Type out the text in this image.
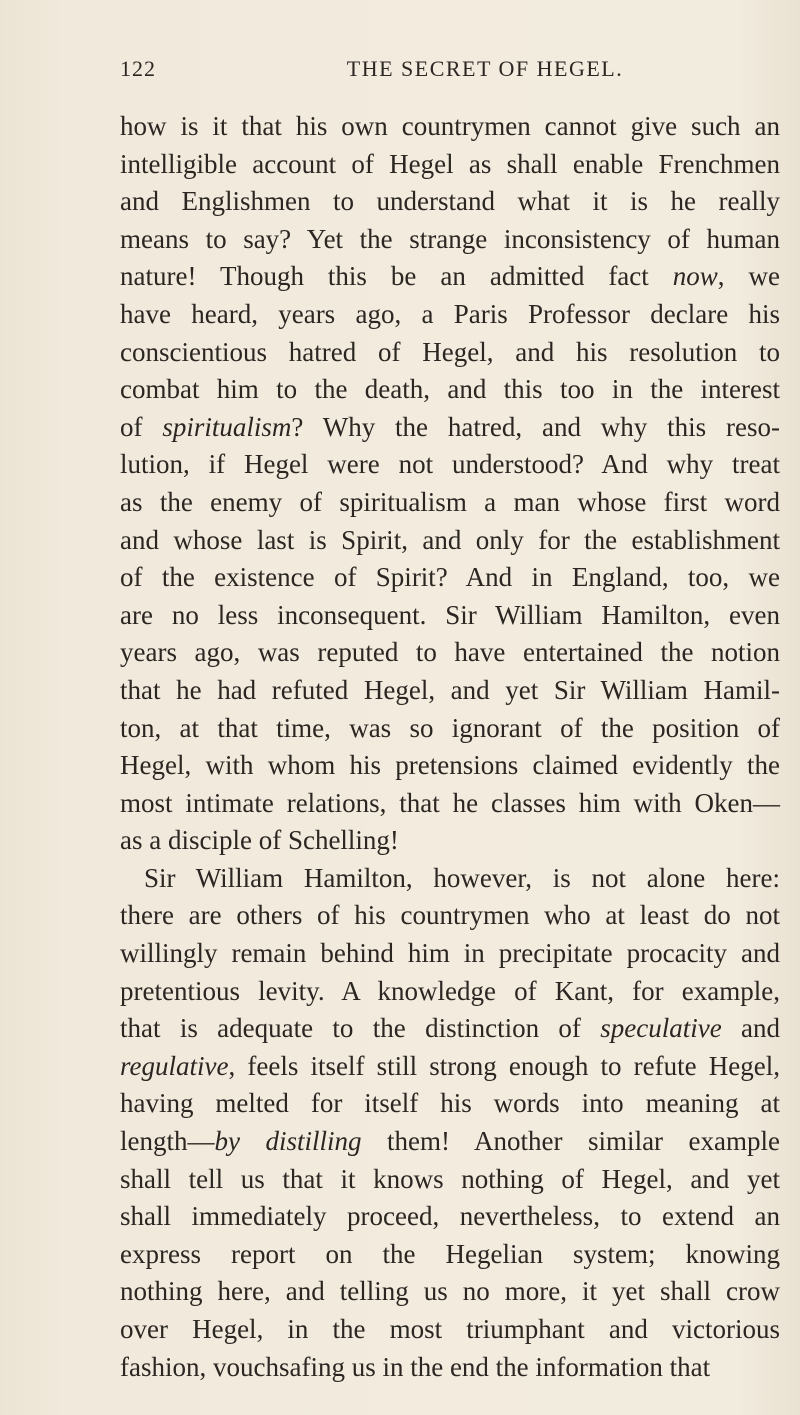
122	THE SECRET OF HEGEL.
how is it that his own countrymen cannot give such an
intelligible account of Hegel as shall enable Frenchmen
and Englishmen to understand what it is he really
means to say? Yet the strange inconsistency of human
nature! Though this be an admitted fact now, we
have heard, years ago, a Paris Professor declare his
conscientious hatred of Hegel, and his resolution to
combat him to the death, and this too in the interest
of spiritualism? Why the hatred, and why this reso-
lution, if Hegel were not understood? And why treat
as the enemy of spiritualism a man whose first word
and whose last is Spirit, and only for the establishment
of the existence of Spirit? And in England, too, we
are no less inconsequent. Sir William Hamilton, even
years ago, was reputed to have entertained the notion
that he had refuted Hegel, and yet Sir William Hamil-
ton, at that time, was so ignorant of the position of
Hegel, with whom his pretensions claimed evidently the
most intimate relations, that he classes him with Oken—
as a disciple of Schelling!
Sir William Hamilton, however, is not alone here:
there are others of his countrymen who at least do not
willingly remain behind him in precipitate procacity and
pretentious levity. A knowledge of Kant, for example,
that is adequate to the distinction of speculative and
regulative, feels itself still strong enough to refute Hegel,
having melted for itself his words into meaning at
length—by distilling them! Another similar example
shall tell us that it knows nothing of Hegel, and yet
shall immediately proceed, nevertheless, to extend an
express report on the Hegelian system; knowing
nothing here, and telling us no more, it yet shall crow
over Hegel, in the most triumphant and victorious
fashion, vouchsafing us in the end the information that
